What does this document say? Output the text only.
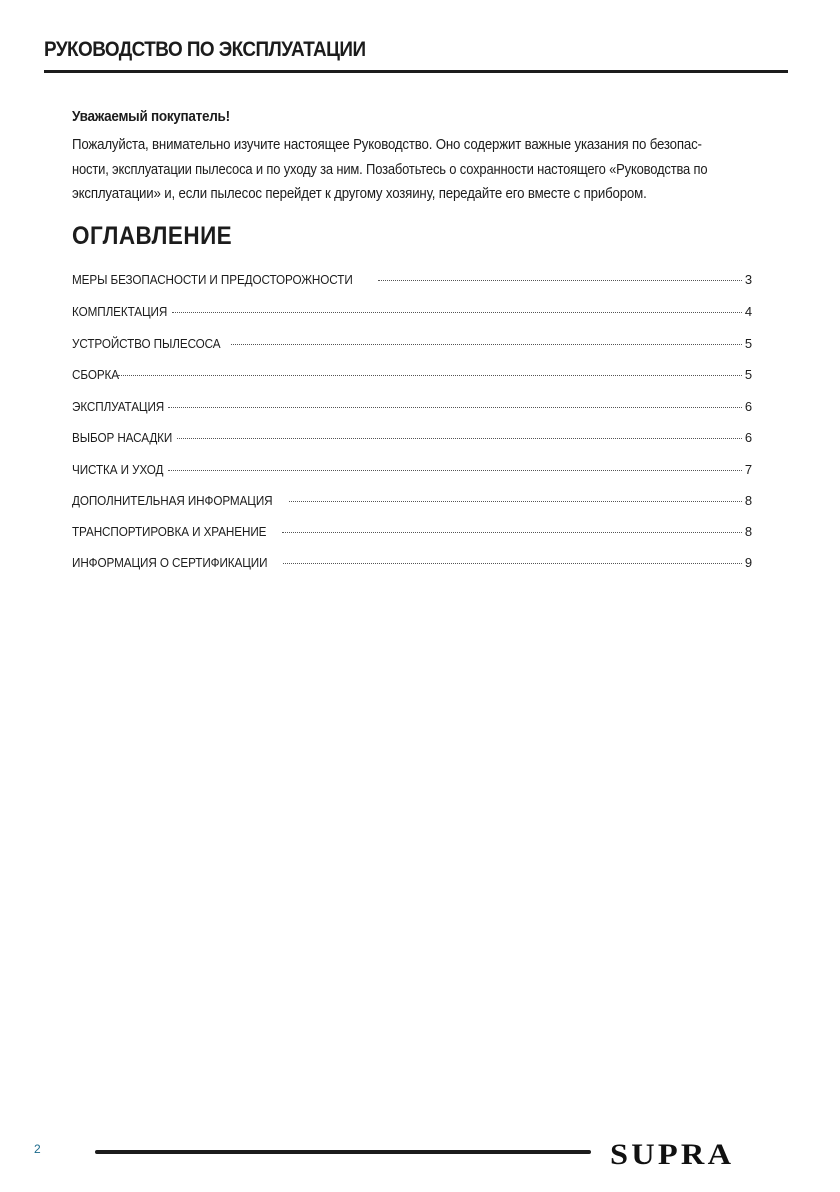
РУКОВОДСТВО ПО ЭКСПЛУАТАЦИИ
Уважаемый покупатель!
Пожалуйста, внимательно изучите настоящее Руководство. Оно содержит важные указания по безопас-
ности, эксплуатации пылесоса и по уходу за ним. Позаботьтесь о сохранности настоящего «Руководства по
эксплуатации» и, если пылесос перейдет к другому хозяину, передайте его вместе с прибором.
ОГЛАВЛЕНИЕ
МЕРЫ БЕЗОПАСНОСТИ И ПРЕДОСТОРОЖНОСТИ	3
КОМПЛЕКТАЦИЯ	4
УСТРОЙСТВО ПЫЛЕСОСА	5
СБОРКА	5
ЭКСПЛУАТАЦИЯ	6
ВЫБОР НАСАДКИ	6
ЧИСТКА И УХОД	7
ДОПОЛНИТЕЛЬНАЯ ИНФОРМАЦИЯ	8
ТРАНСПОРТИРОВКА И ХРАНЕНИЕ	8
ИНФОРМАЦИЯ О СЕРТИФИКАЦИИ	9
2	SUPRA
